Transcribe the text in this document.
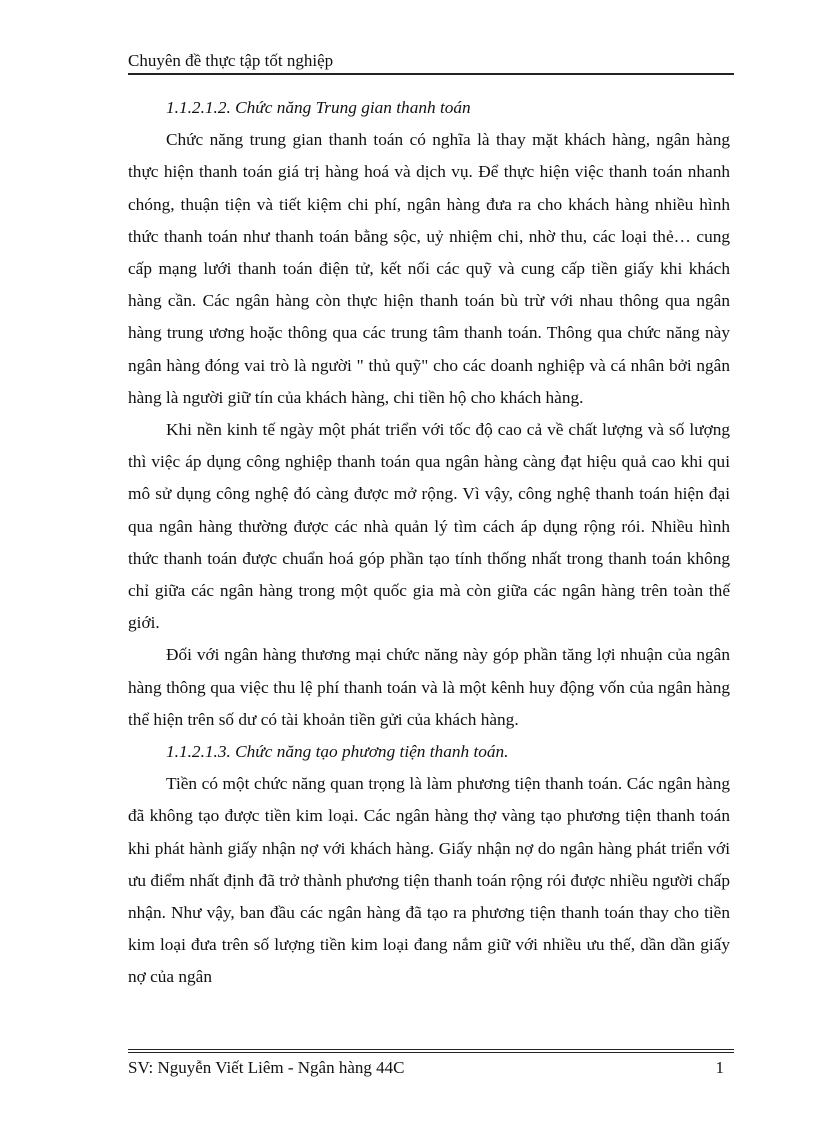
Chuyên đề thực tập tốt nghiệp

1.1.2.1.2. Chức năng Trung gian thanh toán

Chức năng trung gian thanh toán có nghĩa là thay mặt khách hàng, ngân hàng thực hiện thanh toán giá trị hàng hoá và dịch vụ. Để thực hiện việc thanh toán nhanh chóng, thuận tiện và tiết kiệm chi phí, ngân hàng đưa ra cho khách hàng nhiều hình thức thanh toán như thanh toán bằng sộc, uỷ nhiệm chi, nhờ thu, các loại thẻ… cung cấp mạng lưới thanh toán điện tử, kết nối các quỹ và cung cấp tiền giấy khi khách hàng cần. Các ngân hàng còn thực hiện thanh toán bù trừ với nhau thông qua ngân hàng trung ương hoặc thông qua các trung tâm thanh toán. Thông qua chức năng này ngân hàng đóng vai trò là người " thủ quỹ" cho các doanh nghiệp và cá nhân bởi ngân hàng là người giữ tín của khách hàng, chi tiền hộ cho khách hàng.

Khi nền kinh tế ngày một phát triển với tốc độ cao cả về chất lượng và số lượng thì việc áp dụng công nghiệp thanh toán qua ngân hàng càng đạt hiệu quả cao khi qui mô sử dụng công nghệ đó càng được mở rộng. Vì vậy, công nghệ thanh toán hiện đại qua ngân hàng thường được các nhà quản lý tìm cách áp dụng rộng rói. Nhiều hình thức thanh toán được chuẩn hoá góp phần tạo tính thống nhất trong thanh toán không chỉ giữa các ngân hàng trong một quốc gia mà còn giữa các ngân hàng trên toàn thế giới.

Đối với ngân hàng thương mại chức năng này góp phần tăng lợi nhuận của ngân hàng thông qua việc thu lệ phí thanh toán và là một kênh huy động vốn của ngân hàng thể hiện trên số dư có tài khoản tiền gửi của khách hàng.

1.1.2.1.3. Chức năng tạo phương tiện thanh toán.

Tiền có một chức năng quan trọng là làm phương tiện thanh toán. Các ngân hàng đã không tạo được tiền kim loại. Các ngân hàng thợ vàng tạo phương tiện thanh toán khi phát hành giấy nhận nợ với khách hàng. Giấy nhận nợ do ngân hàng phát triển với ưu điểm nhất định đã trở thành phương tiện thanh toán rộng rói được nhiều người chấp nhận. Như vậy, ban đầu các ngân hàng đã tạo ra phương tiện thanh toán thay cho tiền kim loại đưa trên số lượng tiền kim loại đang nắm giữ với nhiều ưu thế, dần dần giấy nợ của ngân

SV: Nguyễn Viết Liêm - Ngân hàng 44C	1
